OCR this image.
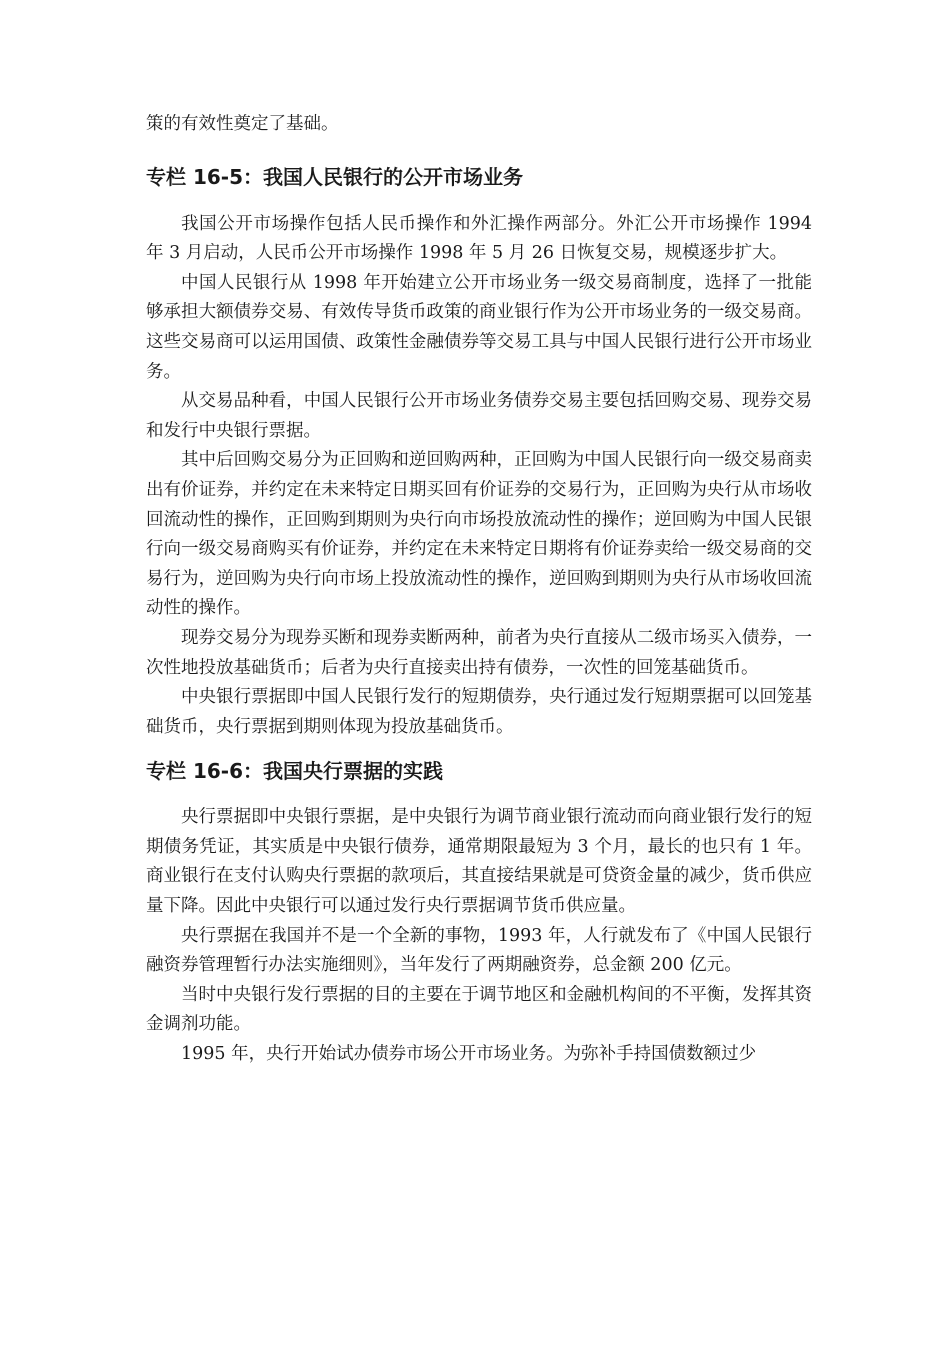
策的有效性奠定了基础。

专栏 16-5：我国人民银行的公开市场业务

我国公开市场操作包括人民币操作和外汇操作两部分。外汇公开市场操作 1994 年 3 月启动，人民币公开市场操作 1998 年 5 月 26 日恢复交易，规模逐步扩大。

中国人民银行从 1998 年开始建立公开市场业务一级交易商制度，选择了一批能够承担大额债券交易、有效传导货币政策的商业银行作为公开市场业务的一级交易商。这些交易商可以运用国债、政策性金融债券等交易工具与中国人民银行进行公开市场业务。

从交易品种看，中国人民银行公开市场业务债券交易主要包括回购交易、现券交易和发行中央银行票据。

其中后回购交易分为正回购和逆回购两种，正回购为中国人民银行向一级交易商卖出有价证券，并约定在未来特定日期买回有价证券的交易行为，正回购为央行从市场收回流动性的操作，正回购到期则为央行向市场投放流动性的操作；逆回购为中国人民银行向一级交易商购买有价证券，并约定在未来特定日期将有价证券卖给一级交易商的交易行为，逆回购为央行向市场上投放流动性的操作，逆回购到期则为央行从市场收回流动性的操作。

现券交易分为现券买断和现券卖断两种，前者为央行直接从二级市场买入债券，一次性地投放基础货币；后者为央行直接卖出持有债券，一次性的回笼基础货币。

中央银行票据即中国人民银行发行的短期债券，央行通过发行短期票据可以回笼基础货币，央行票据到期则体现为投放基础货币。

专栏 16-6：我国央行票据的实践

央行票据即中央银行票据，是中央银行为调节商业银行流动而向商业银行发行的短期债务凭证，其实质是中央银行债券，通常期限最短为 3 个月，最长的也只有 1 年。商业银行在支付认购央行票据的款项后，其直接结果就是可贷资金量的减少，货币供应量下降。因此中央银行可以通过发行央行票据调节货币供应量。

央行票据在我国并不是一个全新的事物，1993 年，人行就发布了《中国人民银行融资券管理暂行办法实施细则》，当年发行了两期融资券，总金额 200 亿元。

当时中央银行发行票据的目的主要在于调节地区和金融机构间的不平衡，发挥其资金调剂功能。

1995 年，央行开始试办债券市场公开市场业务。为弥补手持国债数额过少
